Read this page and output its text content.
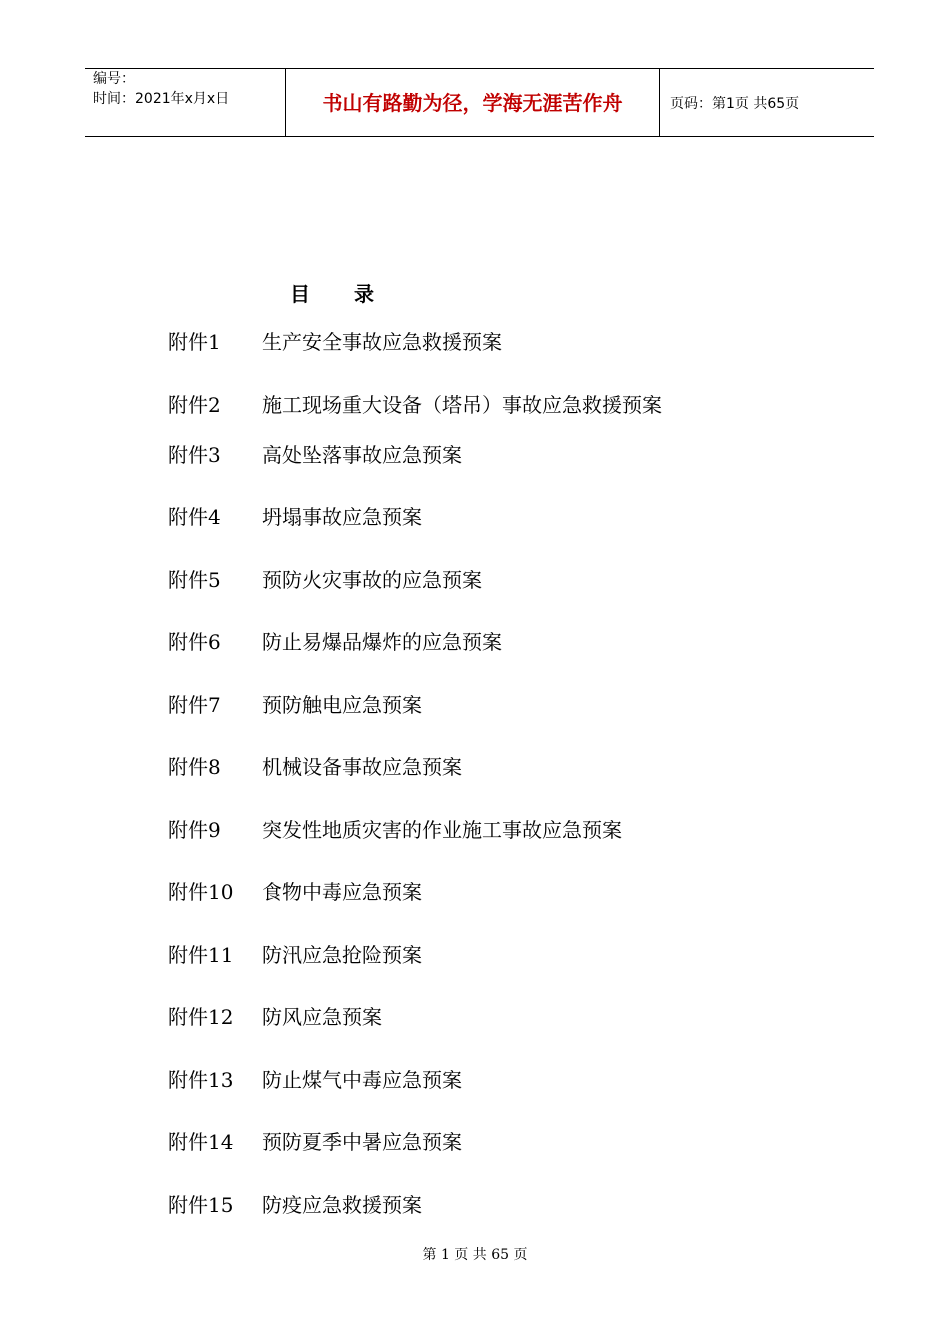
编号：
时间：2021年x月x日	书山有路勤为径，学海无涯苦作舟	页码：第1页 共65页
目 录
附件1	生产安全事故应急救援预案
附件2	施工现场重大设备（塔吊）事故应急救援预案
附件3	高处坠落事故应急预案
附件4	坍塌事故应急预案
附件5	预防火灾事故的应急预案
附件6	防止易爆品爆炸的应急预案
附件7	预防触电应急预案
附件8	机械设备事故应急预案
附件9	突发性地质灾害的作业施工事故应急预案
附件10	食物中毒应急预案
附件11	防汛应急抢险预案
附件12	防风应急预案
附件13	防止煤气中毒应急预案
附件14	预防夏季中暑应急预案
附件15	防疫应急救援预案
第 1 页 共 65 页
